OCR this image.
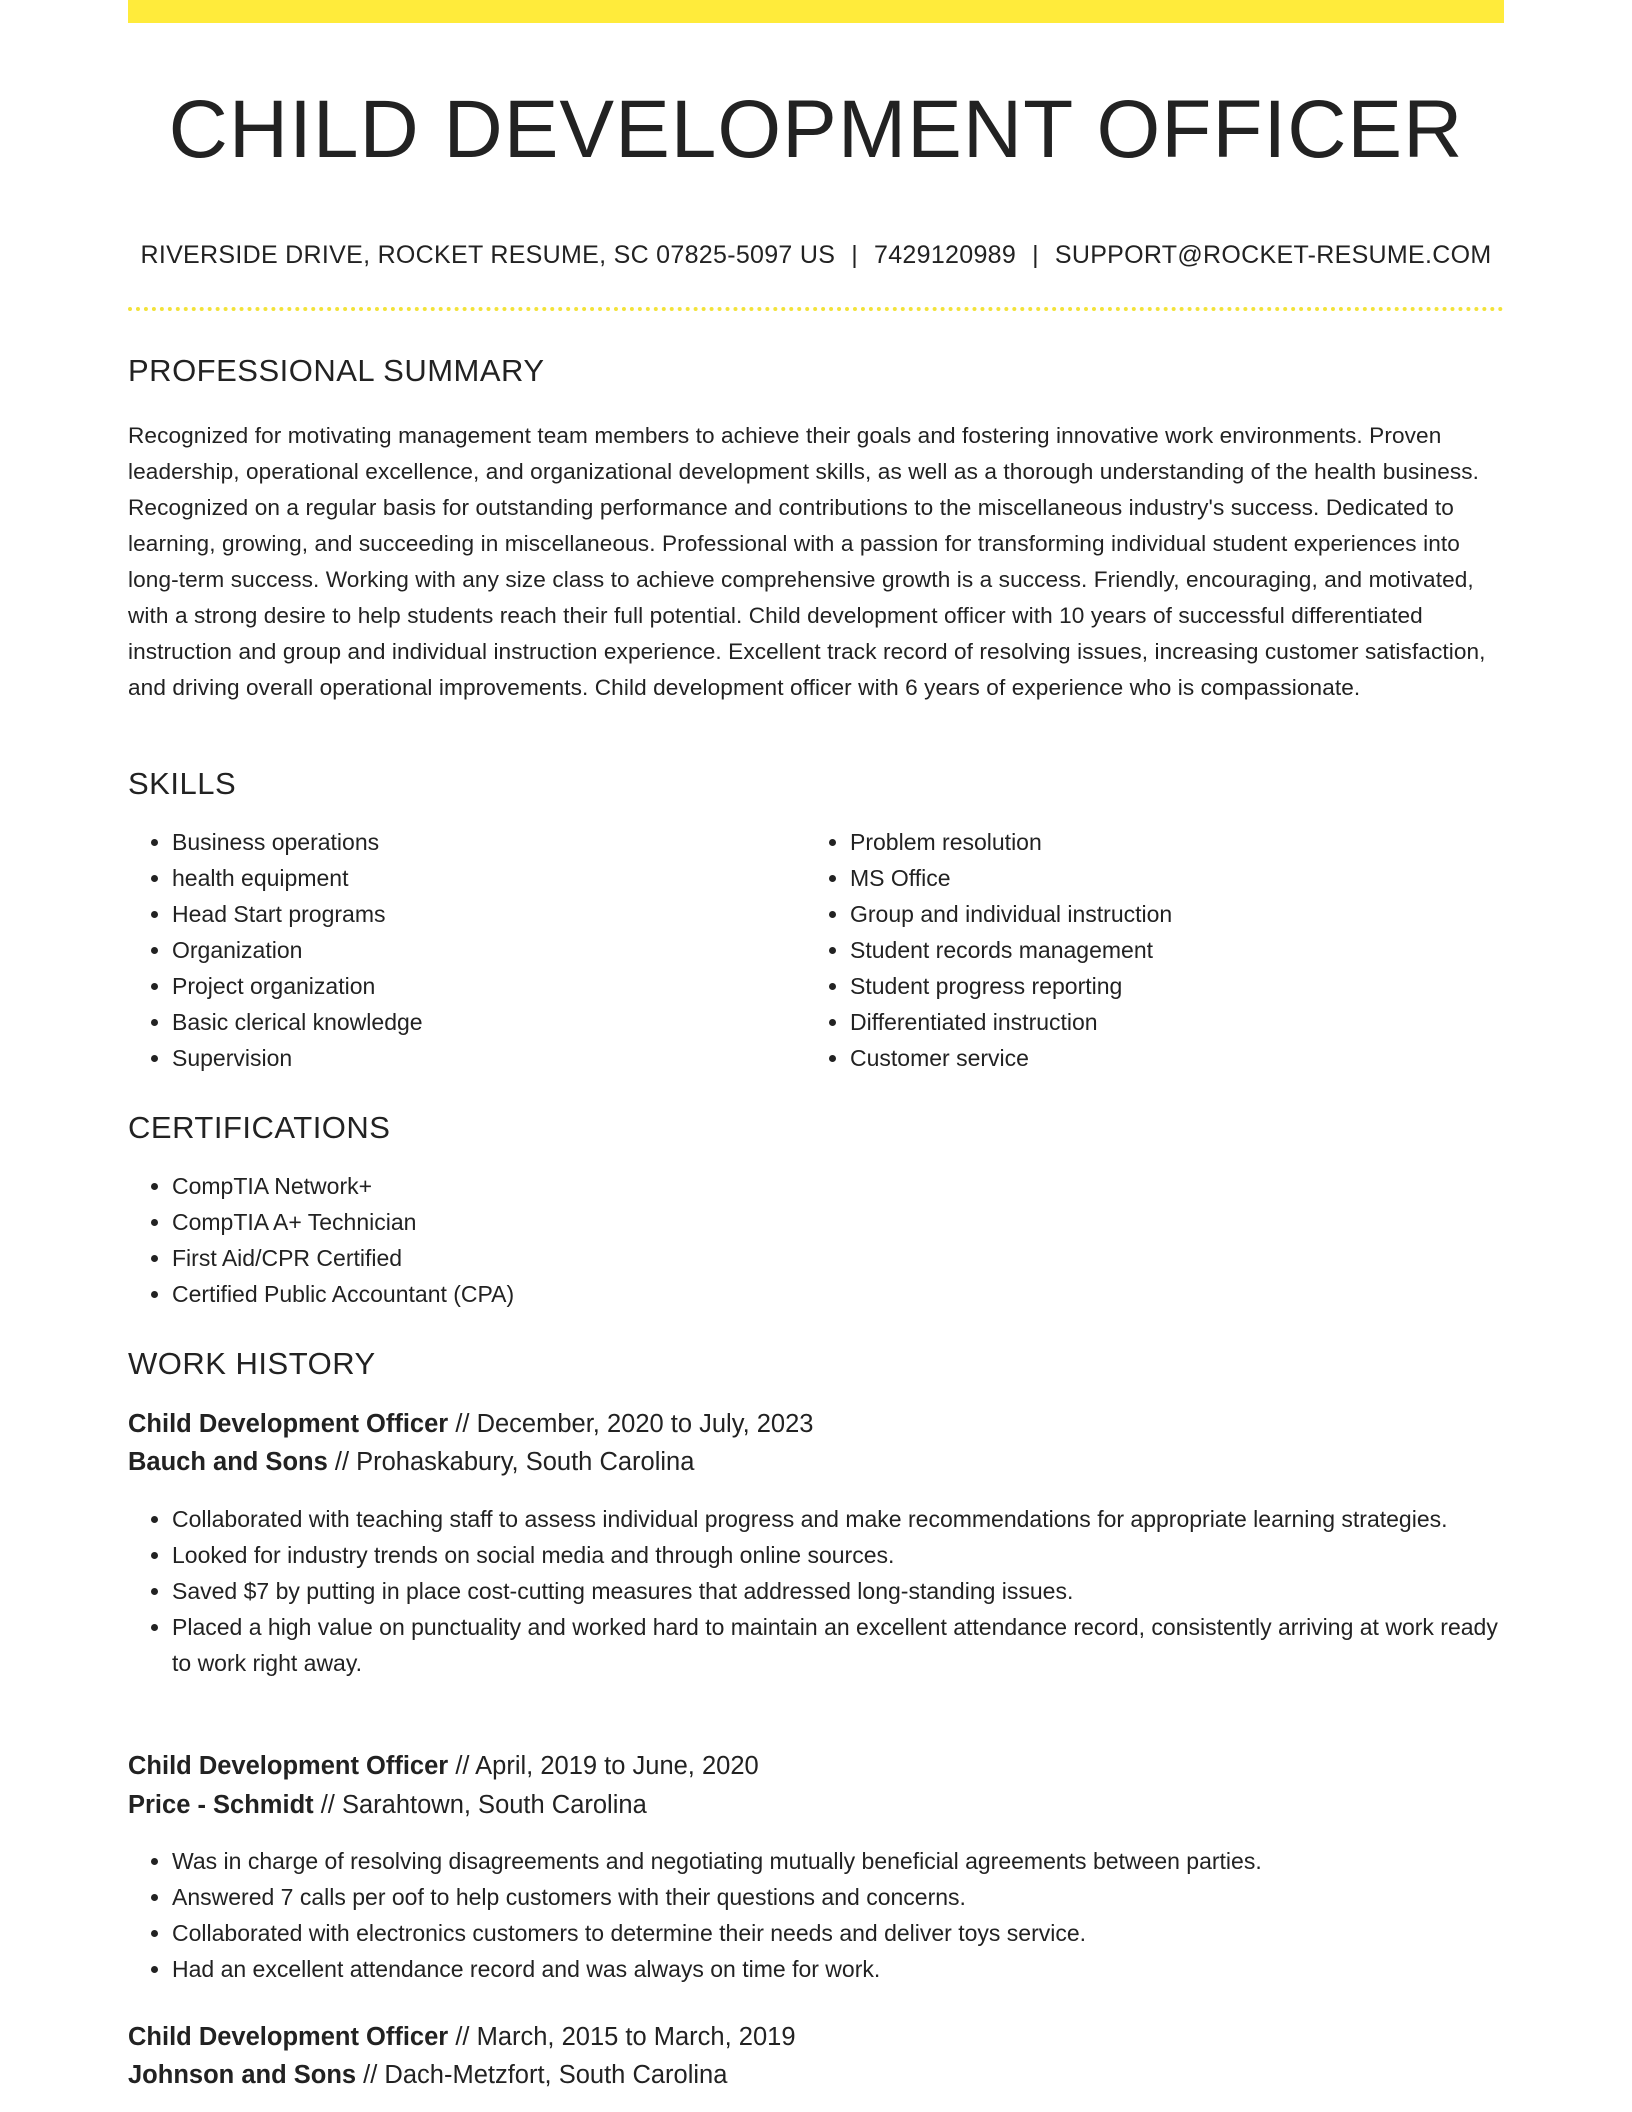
CHILD DEVELOPMENT OFFICER
RIVERSIDE DRIVE, ROCKET RESUME, SC 07825-5097 US | 7429120989 | SUPPORT@ROCKET-RESUME.COM
PROFESSIONAL SUMMARY

Recognized for motivating management team members to achieve their goals and fostering innovative work environments. Proven leadership, operational excellence, and organizational development skills, as well as a thorough understanding of the health business. Recognized on a regular basis for outstanding performance and contributions to the miscellaneous industry's success. Dedicated to learning, growing, and succeeding in miscellaneous. Professional with a passion for transforming individual student experiences into long-term success. Working with any size class to achieve comprehensive growth is a success. Friendly, encouraging, and motivated, with a strong desire to help students reach their full potential. Child development officer with 10 years of successful differentiated instruction and group and individual instruction experience. Excellent track record of resolving issues, increasing customer satisfaction, and driving overall operational improvements. Child development officer with 6 years of experience who is compassionate.

SKILLS
• Business operations
• health equipment
• Head Start programs
• Organization
• Project organization
• Basic clerical knowledge
• Supervision
• Problem resolution
• MS Office
• Group and individual instruction
• Student records management
• Student progress reporting
• Differentiated instruction
• Customer service
CERTIFICATIONS
• CompTIA Network+
• CompTIA A+ Technician
• First Aid/CPR Certified
• Certified Public Accountant (CPA)
WORK HISTORY
Child Development Officer // December, 2020 to July, 2023
Bauch and Sons // Prohaskabury, South Carolina
• Collaborated with teaching staff to assess individual progress and make recommendations for appropriate learning strategies.
• Looked for industry trends on social media and through online sources.
• Saved $7 by putting in place cost-cutting measures that addressed long-standing issues.
• Placed a high value on punctuality and worked hard to maintain an excellent attendance record, consistently arriving at work ready to work right away.
Child Development Officer // April, 2019 to June, 2020
Price - Schmidt // Sarahtown, South Carolina
• Was in charge of resolving disagreements and negotiating mutually beneficial agreements between parties.
• Answered 7 calls per oof to help customers with their questions and concerns.
• Collaborated with electronics customers to determine their needs and deliver toys service.
• Had an excellent attendance record and was always on time for work.
Child Development Officer // March, 2015 to March, 2019
Johnson and Sons // Dach-Metzfort, South Carolina
